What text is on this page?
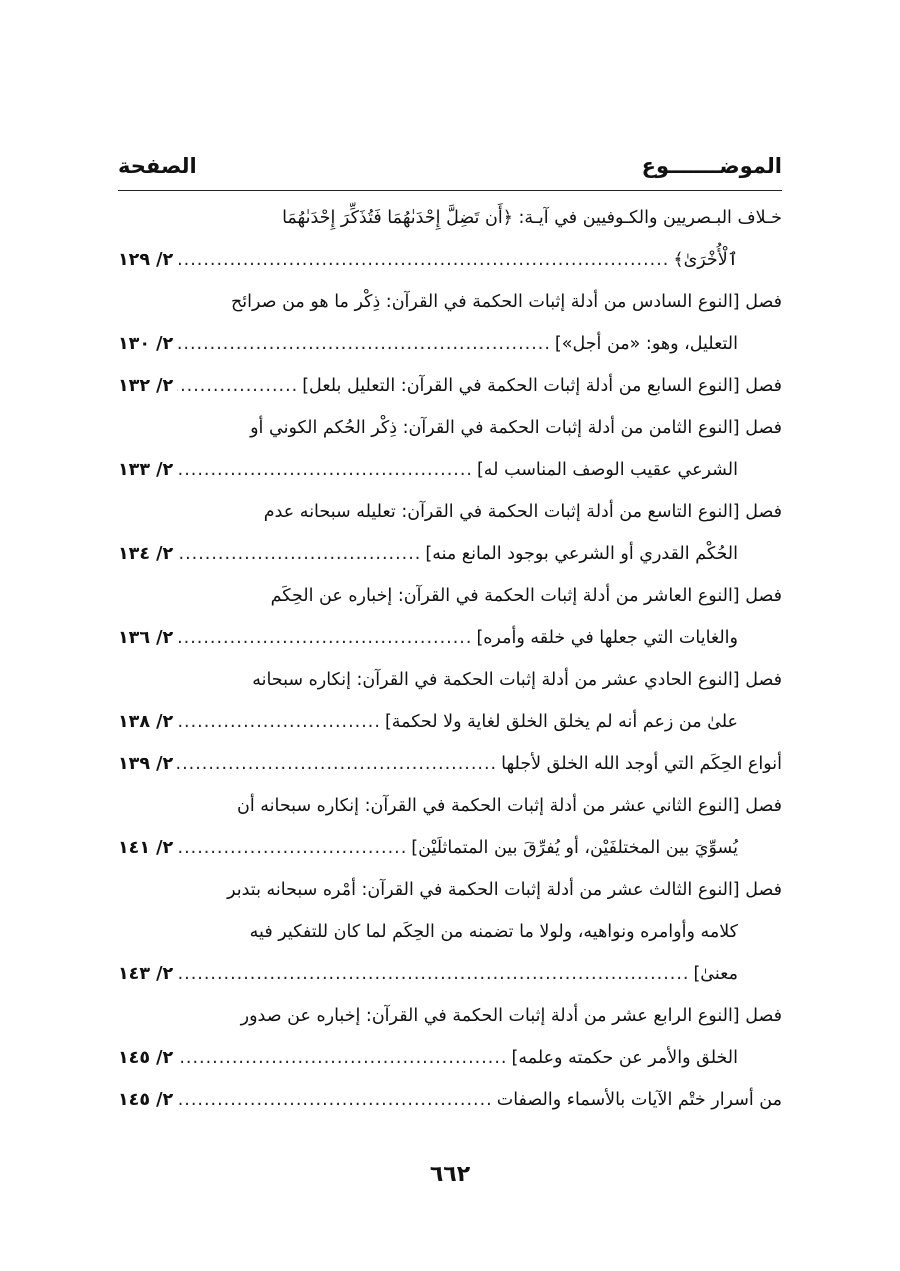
الموضـــــــوع
الصفحة
خـلاف البـصريين والكـوفيين في آيـة: ﴿أَن تَضِلَّ إِحْدَىٰهُمَا فَتُذَكِّرَ إِحْدَىٰهُمَا
ٱلْأُخْرَىٰ﴾
.....
٢/ ١٢٩
فصل [النوع السادس من أدلة إثبات الحكمة في القرآن: ذِكْر ما هو من صرائح
التعليل، وهو: «من أجل»]
.....
٢/ ١٣٠
فصل [النوع السابع من أدلة إثبات الحكمة في القرآن: التعليل بلعل]
.....
٢/ ١٣٢
فصل [النوع الثامن من أدلة إثبات الحكمة في القرآن: ذِكْر الحُكم الكوني أو
الشرعي عقيب الوصف المناسب له]
.....
٢/ ١٣٣
فصل [النوع التاسع من أدلة إثبات الحكمة في القرآن: تعليله سبحانه عدم
الحُكْم القدري أو الشرعي بوجود المانع منه]
.....
٢/ ١٣٤
فصل [النوع العاشر من أدلة إثبات الحكمة في القرآن: إخباره عن الحِكَم
والغايات التي جعلها في خلقه وأمره]
.....
٢/ ١٣٦
فصل [النوع الحادي عشر من أدلة إثبات الحكمة في القرآن: إنكاره سبحانه
علىٰ من زعم أنه لم يخلق الخلق لغاية ولا لحكمة]
.....
٢/ ١٣٨
أنواع الحِكَم التي أوجد الله الخلق لأجلها
.....
٢/ ١٣٩
فصل [النوع الثاني عشر من أدلة إثبات الحكمة في القرآن: إنكاره سبحانه أن
يُسوِّيَ بين المختلفَيْن، أو يُفرِّقَ بين المتماثلَيْن]
.....
٢/ ١٤١
فصل [النوع الثالث عشر من أدلة إثبات الحكمة في القرآن: أمْره سبحانه بتدبر
كلامه وأوامره ونواهيه، ولولا ما تضمنه من الحِكَم لما كان للتفكير فيه
معنىٰ]
.....
٢/ ١٤٣
فصل [النوع الرابع عشر من أدلة إثبات الحكمة في القرآن: إخباره عن صدور
الخلق والأمر عن حكمته وعلمه]
.....
٢/ ١٤٥
من أسرار ختْم الآيات بالأسماء والصفات
.....
٢/ ١٤٥
٦٦٢
